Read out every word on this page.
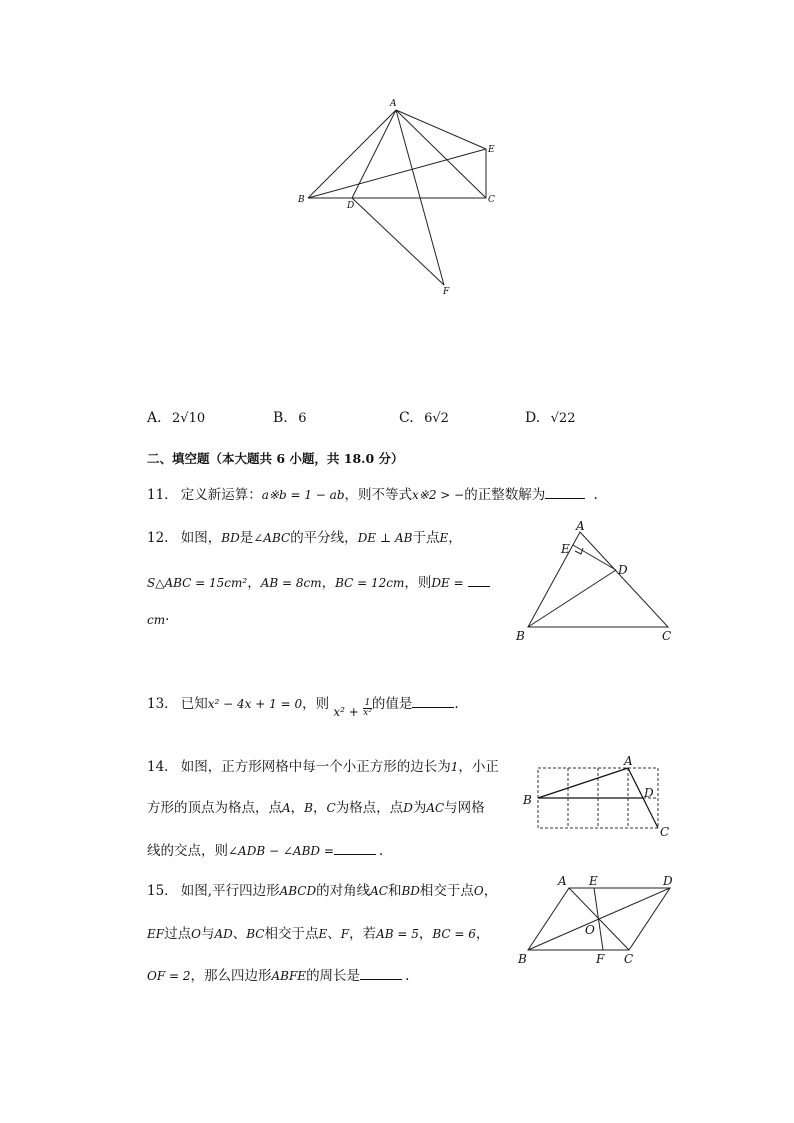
A
E
B
D
C
F
A. 2√10	B. 6	C. 6√2	D. √22
二、填空题（本大题共 6 小题，共 18.0 分）
11. 定义新运算：a※b = 1 − ab，则不等式x※2 > −的正整数解为	.
12. 如图，BD是∠ABC的平分线，DE ⊥ AB于点E，
S△ABC = 15cm²，AB = 8cm，BC = 12cm，则DE =
cm·
A
E
D
B	C
13. 已知x² − 4x + 1 = 0，则 $x^2 + \frac{1}{\text{x²}}$ 的值是	.
14. 如图，正方形网格中每一个小正方形的边长为1，小正
方形的顶点为格点，点A，B，C为格点，点D为AC与网格
线的交点，则∠ADB − ∠ABD =	.
A
B	D
C
15. 如图,平行四边形ABCD的对角线AC和BD相交于点O，
EF过点O与AD、BC相交于点E、F，若AB = 5，BC = 6，
OF = 2，那么四边形ABFE的周长是	.
A E	D
O
B	F C
